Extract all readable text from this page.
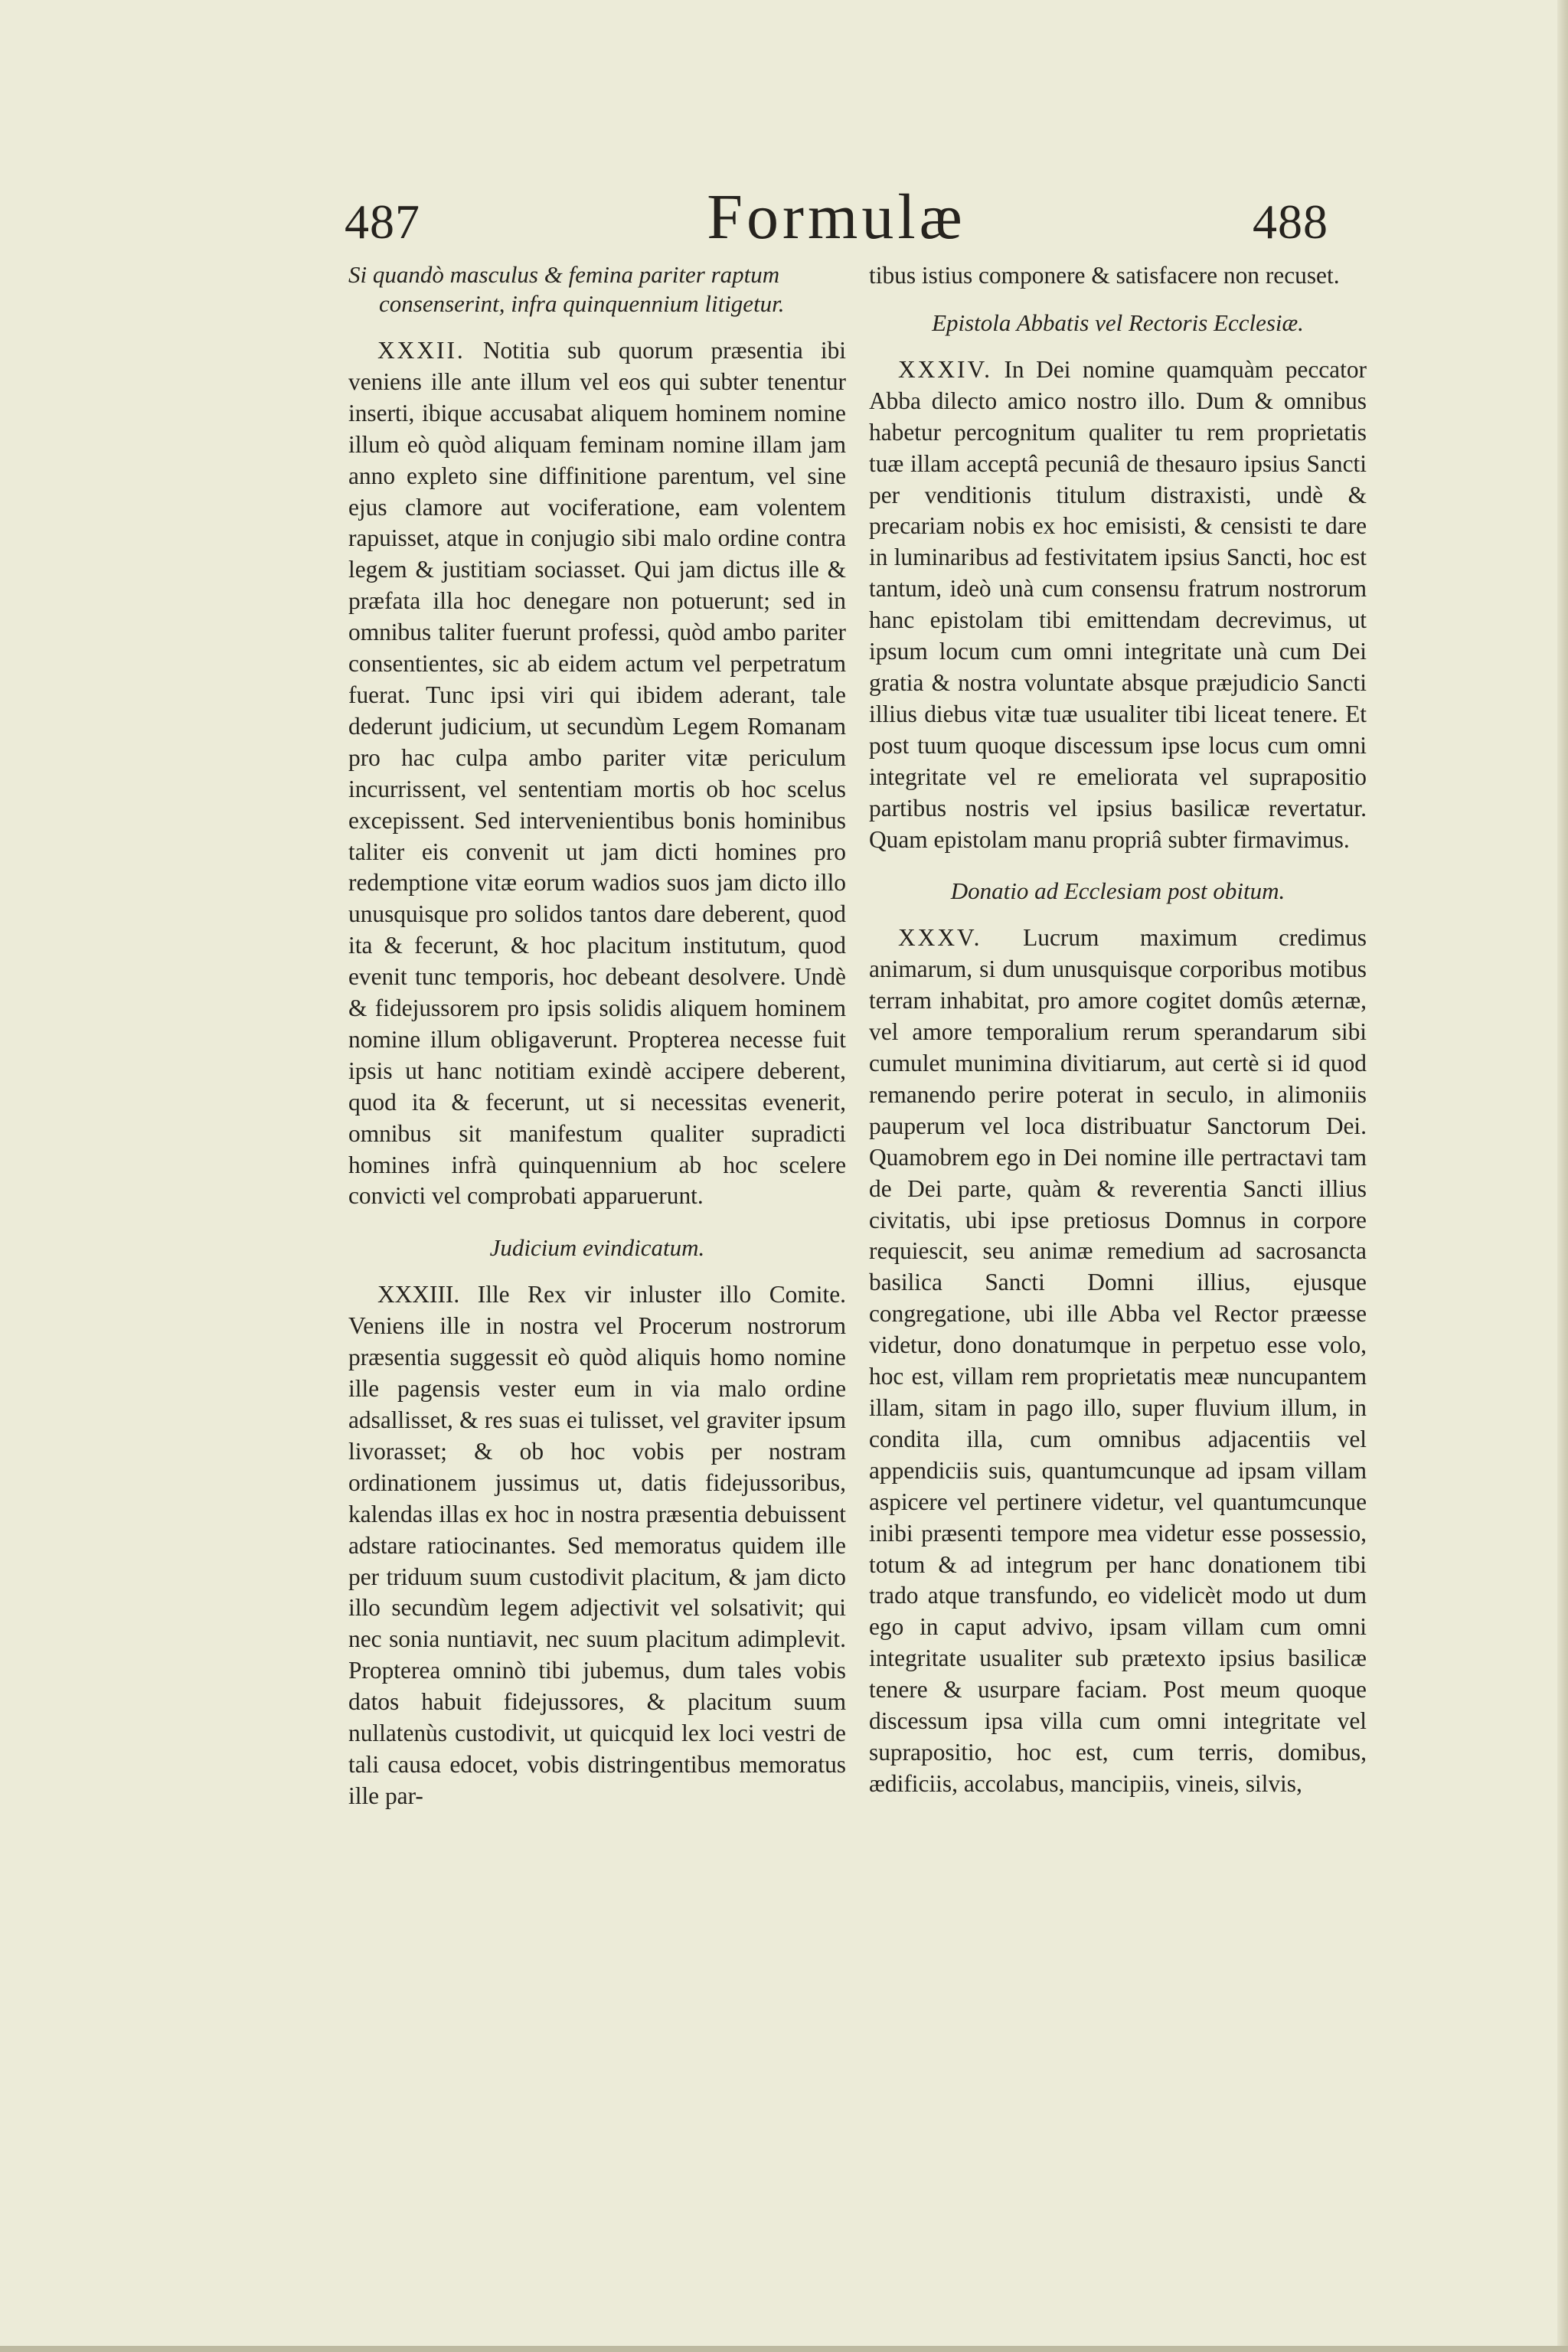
487	Formulæ	488

Si quandò masculus & femina pariter raptum consenserint, infra quinquennium litigetur.

XXXII. Notitia sub quorum præsentia ibi veniens ille ante illum vel eos qui subter tenentur inserti, ibique accusabat aliquem hominem nomine illum eò quòd aliquam feminam nomine illam jam anno expleto sine diffinitione parentum, vel sine ejus clamore aut vociferatione, eam volentem rapuisset, atque in conjugio sibi malo ordine contra legem & justitiam sociasset. Qui jam dictus ille & præfata illa hoc denegare non potuerunt; sed in omnibus taliter fuerunt professi, quòd ambo pariter consentientes, sic ab eidem actum vel perpetratum fuerat. Tunc ipsi viri qui ibidem aderant, tale dederunt judicium, ut secundùm Legem Romanam pro hac culpa ambo pariter vitæ periculum incurrissent, vel sententiam mortis ob hoc scelus excepissent. Sed intervenientibus bonis hominibus taliter eis convenit ut jam dicti homines pro redemptione vitæ eorum wadios suos jam dicto illo unusquisque pro solidos tantos dare deberent, quod ita & fecerunt, & hoc placitum institutum, quod evenit tunc temporis, hoc debeant desolvere. Undè & fidejussorem pro ipsis solidis aliquem hominem nomine illum obligaverunt. Propterea necesse fuit ipsis ut hanc notitiam exindè accipere deberent, quod ita & fecerunt, ut si necessitas evenerit, omnibus sit manifestum qualiter supradicti homines infrà quinquennium ab hoc scelere convicti vel comprobati apparuerunt.

Judicium evindicatum.

XXXIII. Ille Rex vir inluster illo Comite. Veniens ille in nostra vel Procerum nostrorum præsentia suggessit eò quòd aliquis homo nomine ille pagensis vester eum in via malo ordine adsallisset, & res suas ei tulisset, vel graviter ipsum livorasset; & ob hoc vobis per nostram ordinationem jussimus ut, datis fidejussoribus, kalendas illas ex hoc in nostra præsentia debuissent adstare ratiocinantes. Sed memoratus quidem ille per triduum suum custodivit placitum, & jam dicto illo secundùm legem adjectivit vel solsativit; qui nec sonia nuntiavit, nec suum placitum adimplevit. Propterea omninò tibi jubemus, dum tales vobis datos habuit fidejussores, & placitum suum nullatenùs custodivit, ut quicquid lex loci vestri de tali causa edocet, vobis distringentibus memoratus ille par-

tibus istius componere & satisfacere non recuset.

Epistola Abbatis vel Rectoris Ecclesiæ.

XXXIV. In Dei nomine quamquàm peccator Abba dilecto amico nostro illo. Dum & omnibus habetur percognitum qualiter tu rem proprietatis tuæ illam acceptâ pecuniâ de thesauro ipsius Sancti per venditionis titulum distraxisti, undè & precariam nobis ex hoc emisisti, & censisti te dare in luminaribus ad festivitatem ipsius Sancti, hoc est tantum, ideò unà cum consensu fratrum nostrorum hanc epistolam tibi emittendam decrevimus, ut ipsum locum cum omni integritate unà cum Dei gratia & nostra voluntate absque præjudicio Sancti illius diebus vitæ tuæ usualiter tibi liceat tenere. Et post tuum quoque discessum ipse locus cum omni integritate vel re emeliorata vel suprapositio partibus nostris vel ipsius basilicæ revertatur. Quam epistolam manu propriâ subter firmavimus.

Donatio ad Ecclesiam post obitum.

XXXV. Lucrum maximum credimus animarum, si dum unusquisque corporibus motibus terram inhabitat, pro amore cogitet domûs æternæ, vel amore temporalium rerum sperandarum sibi cumulet munimina divitiarum, aut certè si id quod remanendo perire poterat in seculo, in alimoniis pauperum vel loca distribuatur Sanctorum Dei. Quamobrem ego in Dei nomine ille pertractavi tam de Dei parte, quàm & reverentia Sancti illius civitatis, ubi ipse pretiosus Domnus in corpore requiescit, seu animæ remedium ad sacrosancta basilica Sancti Domni illius, ejusque congregatione, ubi ille Abba vel Rector præesse videtur, dono donatumque in perpetuo esse volo, hoc est, villam rem proprietatis meæ nuncupantem illam, sitam in pago illo, super fluvium illum, in condita illa, cum omnibus adjacentiis vel appendiciis suis, quantumcunque ad ipsam villam aspicere vel pertinere videtur, vel quantumcunque inibi præsenti tempore mea videtur esse possessio, totum & ad integrum per hanc donationem tibi trado atque transfundo, eo videlicèt modo ut dum ego in caput advivo, ipsam villam cum omni integritate usualiter sub prætexto ipsius basilicæ tenere & usurpare faciam. Post meum quoque discessum ipsa villa cum omni integritate vel suprapositio, hoc est, cum terris, domibus, ædificiis, accolabus, mancipiis, vineis, silvis,
